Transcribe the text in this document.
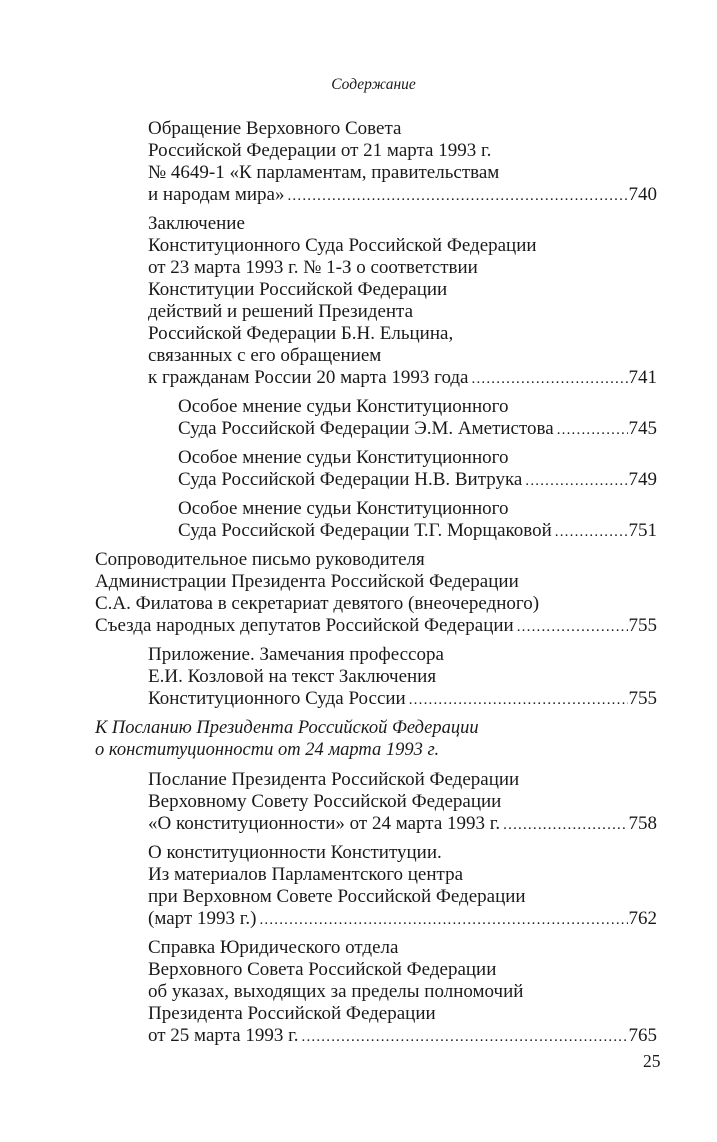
Содержание
Обращение Верховного Совета
Российской Федерации от 21 марта 1993 г.
№ 4649-1 «К парламентам, правительствам
и народам мира» .....	740
Заключение
Конституционного Суда Российской Федерации
от 23 марта 1993 г. № 1-З о соответствии
Конституции Российской Федерации
действий и решений Президента
Российской Федерации Б.Н. Ельцина,
связанных с его обращением
к гражданам России 20 марта 1993 года .....	741
Особое мнение судьи Конституционного
Суда Российской Федерации Э.М. Аметистова .....	745
Особое мнение судьи Конституционного
Суда Российской Федерации Н.В. Витрука .....	749
Особое мнение судьи Конституционного
Суда Российской Федерации Т.Г. Морщаковой .....	751
Сопроводительное письмо руководителя
Администрации Президента Российской Федерации
С.А. Филатова в секретариат девятого (внеочередного)
Съезда народных депутатов Российской Федерации .....	755
Приложение. Замечания профессора
Е.И. Козловой на текст Заключения
Конституционного Суда России .....	755
К Посланию Президента Российской Федерации
о конституционности от 24 марта 1993 г.
Послание Президента Российской Федерации
Верховному Совету Российской Федерации
«О конституционности» от 24 марта 1993 г. .....	758
О конституционности Конституции.
Из материалов Парламентского центра
при Верховном Совете Российской Федерации
(март 1993 г.) .....	762
Справка Юридического отдела
Верховного Совета Российской Федерации
об указах, выходящих за пределы полномочий
Президента Российской Федерации
от 25 марта 1993 г. .....	765
25
